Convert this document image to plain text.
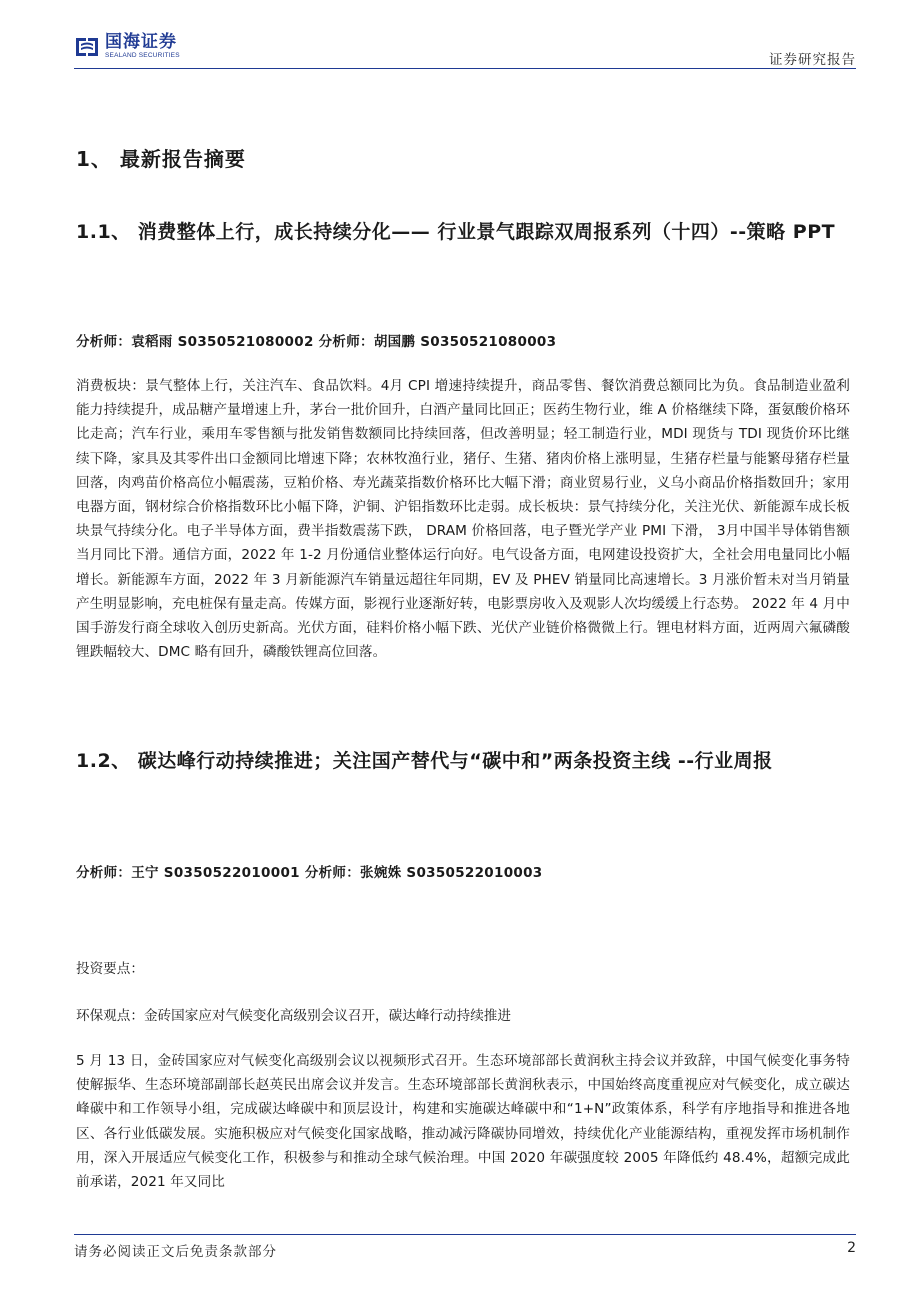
国海证券
SEALAND SECURITIES	证券研究报告
1、 最新报告摘要
1.1、 消费整体上行，成长持续分化—— 行业景气跟踪双周报系列（十四）--策略 PPT
分析师：袁稻雨 S0350521080002 分析师：胡国鹏 S0350521080003
消费板块：景气整体上行，关注汽车、食品饮料。4月 CPI 增速持续提升，商品零售、餐饮消费总额同比为负。食品制造业盈利能力持续提升，成品糖产量增速上升，茅台一批价回升，白酒产量同比回正；医药生物行业，维 A 价格继续下降，蛋氨酸价格环比走高；汽车行业，乘用车零售额与批发销售数额同比持续回落，但改善明显；轻工制造行业，MDI 现货与 TDI 现货价环比继续下降，家具及其零件出口金额同比增速下降；农林牧渔行业，猪仔、生猪、猪肉价格上涨明显，生猪存栏量与能繁母猪存栏量回落，肉鸡苗价格高位小幅震荡，豆粕价格、寿光蔬菜指数价格环比大幅下滑；商业贸易行业，义乌小商品价格指数回升；家用电器方面，钢材综合价格指数环比小幅下降，沪铜、沪铝指数环比走弱。成长板块：景气持续分化，关注光伏、新能源车成长板块景气持续分化。电子半导体方面，费半指数震荡下跌， DRAM 价格回落，电子暨光学产业 PMI 下滑， 3月中国半导体销售额当月同比下滑。通信方面，2022 年 1-2 月份通信业整体运行向好。电气设备方面，电网建设投资扩大，全社会用电量同比小幅增长。新能源车方面，2022 年 3 月新能源汽车销量远超往年同期，EV 及 PHEV 销量同比高速增长。3 月涨价暂未对当月销量产生明显影响，充电桩保有量走高。传媒方面，影视行业逐渐好转，电影票房收入及观影人次均缓缓上行态势。 2022 年 4 月中国手游发行商全球收入创历史新高。光伏方面，硅料价格小幅下跌、光伏产业链价格微微上行。锂电材料方面，近两周六氟磷酸锂跌幅较大、DMC 略有回升，磷酸铁锂高位回落。
1.2、 碳达峰行动持续推进；关注国产替代与“碳中和”两条投资主线 --行业周报
分析师：王宁 S0350522010001 分析师：张婉姝 S0350522010003
投资要点：
环保观点：金砖国家应对气候变化高级别会议召开，碳达峰行动持续推进
5 月 13 日，金砖国家应对气候变化高级别会议以视频形式召开。生态环境部部长黄润秋主持会议并致辞，中国气候变化事务特使解振华、生态环境部副部长赵英民出席会议并发言。生态环境部部长黄润秋表示，中国始终高度重视应对气候变化，成立碳达峰碳中和工作领导小组，完成碳达峰碳中和顶层设计，构建和实施碳达峰碳中和“1+N”政策体系，科学有序地指导和推进各地区、各行业低碳发展。实施积极应对气候变化国家战略，推动减污降碳协同增效，持续优化产业能源结构，重视发挥市场机制作用，深入开展适应气候变化工作，积极参与和推动全球气候治理。中国 2020 年碳强度较 2005 年降低约 48.4%，超额完成此前承诺，2021 年又同比
请务必阅读正文后免责条款部分	2
